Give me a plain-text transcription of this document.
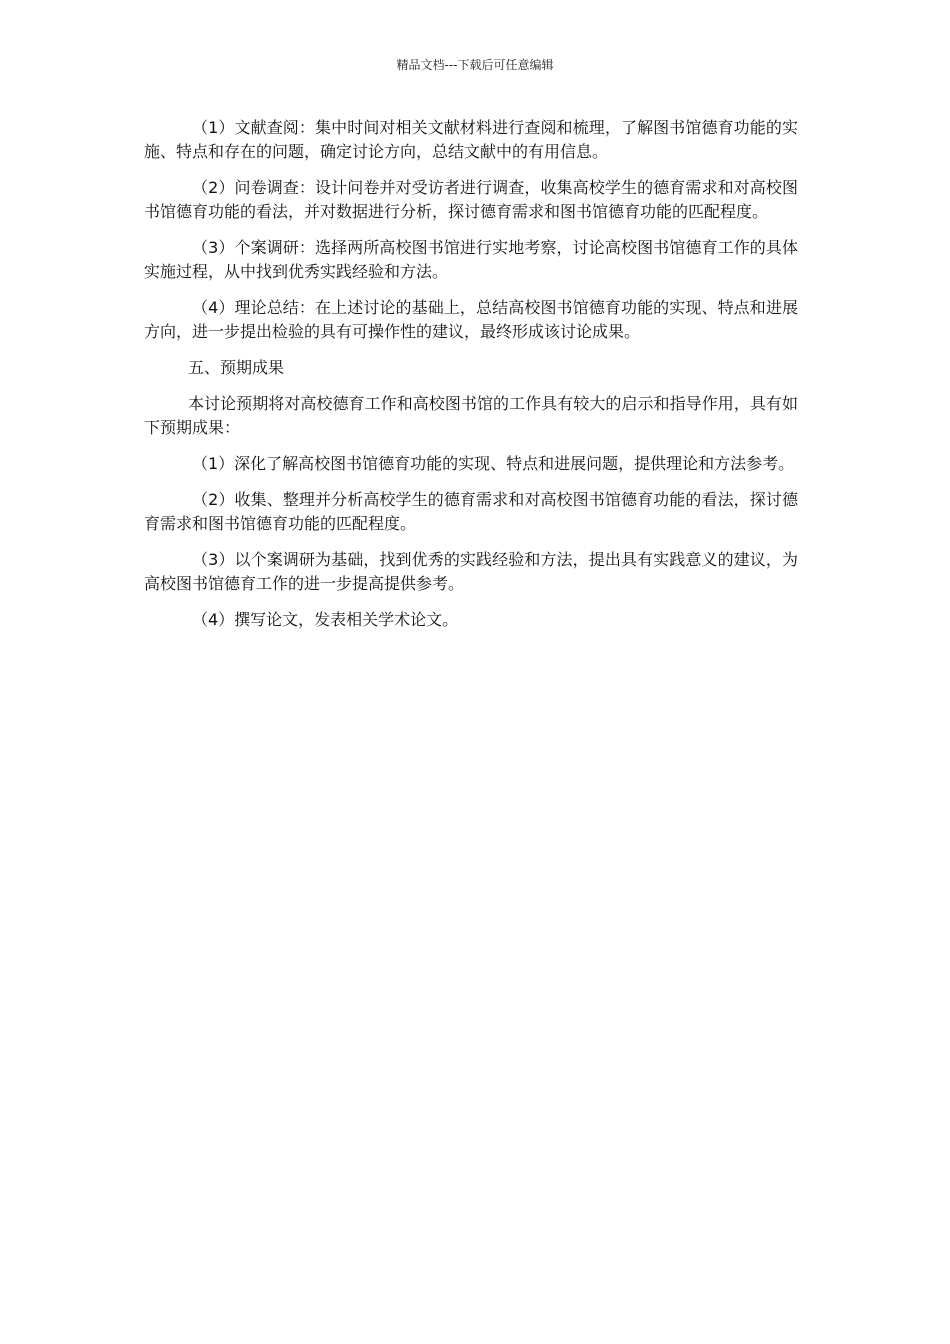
精品文档---下载后可任意编辑

（1）文献查阅：集中时间对相关文献材料进行查阅和梳理，了解图书馆德育功能的实施、特点和存在的问题，确定讨论方向，总结文献中的有用信息。

（2）问卷调查：设计问卷并对受访者进行调查，收集高校学生的德育需求和对高校图书馆德育功能的看法，并对数据进行分析，探讨德育需求和图书馆德育功能的匹配程度。

（3）个案调研：选择两所高校图书馆进行实地考察，讨论高校图书馆德育工作的具体实施过程，从中找到优秀实践经验和方法。

（4）理论总结：在上述讨论的基础上，总结高校图书馆德育功能的实现、特点和进展方向，进一步提出检验的具有可操作性的建议，最终形成该讨论成果。

五、预期成果

本讨论预期将对高校德育工作和高校图书馆的工作具有较大的启示和指导作用，具有如下预期成果：

（1）深化了解高校图书馆德育功能的实现、特点和进展问题，提供理论和方法参考。

（2）收集、整理并分析高校学生的德育需求和对高校图书馆德育功能的看法，探讨德育需求和图书馆德育功能的匹配程度。

（3）以个案调研为基础，找到优秀的实践经验和方法，提出具有实践意义的建议，为高校图书馆德育工作的进一步提高提供参考。

（4）撰写论文，发表相关学术论文。
